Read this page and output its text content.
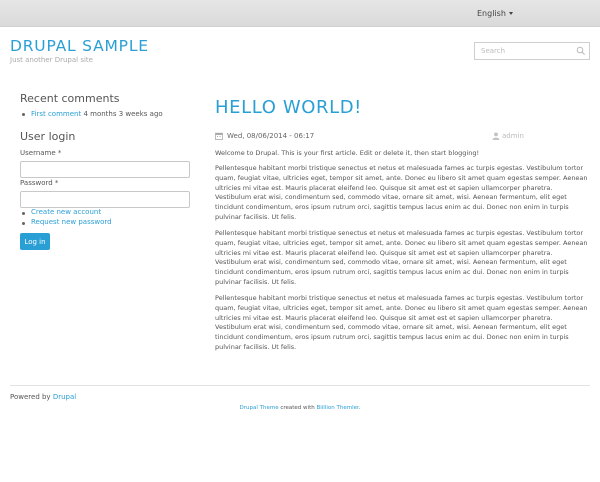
English
DRUPAL SAMPLE
Just another Drupal site
Search
Recent comments
First comment 4 months 3 weeks ago
User login
Username *
Password *
Create new account
Request new password
Log in
HELLO WORLD!
Wed, 08/06/2014 - 06:17	admin

Welcome to Drupal. This is your first article. Edit or delete it, then start blogging!

Pellentesque habitant morbi tristique senectus et netus et malesuada fames ac turpis egestas. Vestibulum tortor quam, feugiat vitae, ultricies eget, tempor sit amet, ante. Donec eu libero sit amet quam egestas semper. Aenean ultricies mi vitae est. Mauris placerat eleifend leo. Quisque sit amet est et sapien ullamcorper pharetra. Vestibulum erat wisi, condimentum sed, commodo vitae, ornare sit amet, wisi. Aenean fermentum, elit eget tincidunt condimentum, eros ipsum rutrum orci, sagittis tempus lacus enim ac dui. Donec non enim in turpis pulvinar facilisis. Ut felis.

Pellentesque habitant morbi tristique senectus et netus et malesuada fames ac turpis egestas. Vestibulum tortor quam, feugiat vitae, ultricies eget, tempor sit amet, ante. Donec eu libero sit amet quam egestas semper. Aenean ultricies mi vitae est. Mauris placerat eleifend leo. Quisque sit amet est et sapien ullamcorper pharetra. Vestibulum erat wisi, condimentum sed, commodo vitae, ornare sit amet, wisi. Aenean fermentum, elit eget tincidunt condimentum, eros ipsum rutrum orci, sagittis tempus lacus enim ac dui. Donec non enim in turpis pulvinar facilisis. Ut felis.

Pellentesque habitant morbi tristique senectus et netus et malesuada fames ac turpis egestas. Vestibulum tortor quam, feugiat vitae, ultricies eget, tempor sit amet, ante. Donec eu libero sit amet quam egestas semper. Aenean ultricies mi vitae est. Mauris placerat eleifend leo. Quisque sit amet est et sapien ullamcorper pharetra. Vestibulum erat wisi, condimentum sed, commodo vitae, ornare sit amet, wisi. Aenean fermentum, elit eget tincidunt condimentum, eros ipsum rutrum orci, sagittis tempus lacus enim ac dui. Donec non enim in turpis pulvinar facilisis. Ut felis.

Powered by Drupal
Drupal Theme created with Biillion Themler.
